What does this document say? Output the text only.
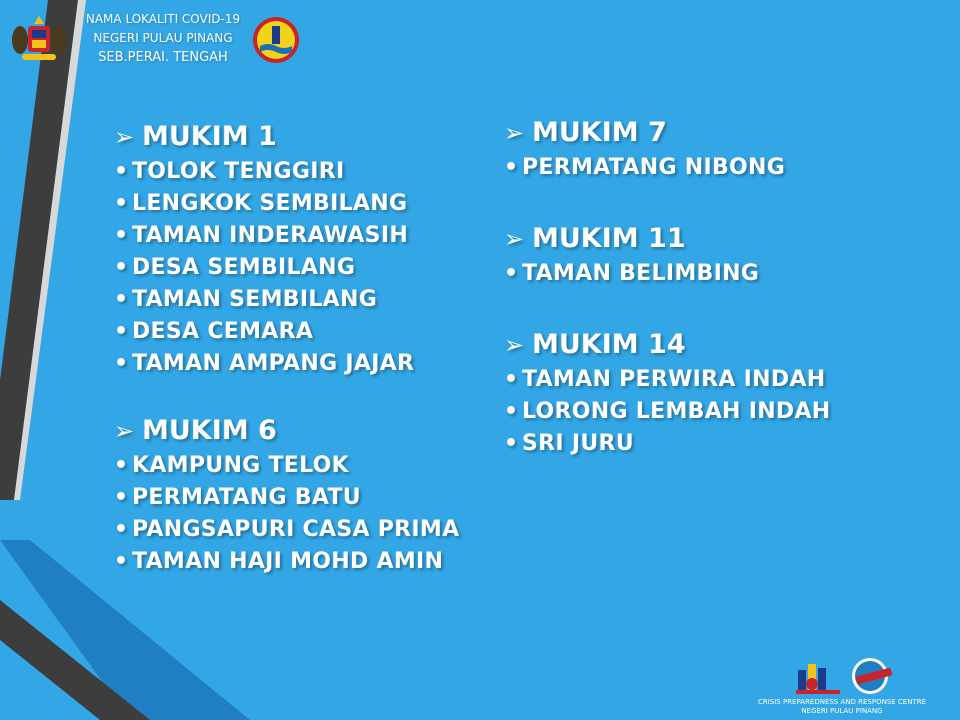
NAMA LOKALITI COVID-19
NEGERI PULAU PINANG
SEB.PERAI. TENGAH
➢ MUKIM 1
• TOLOK TENGGIRI
• LENGKOK SEMBILANG
• TAMAN INDERAWASIH
• DESA SEMBILANG
• TAMAN SEMBILANG
• DESA CEMARA
• TAMAN AMPANG JAJAR
➢ MUKIM 6
• KAMPUNG TELOK
• PERMATANG BATU
• PANGSAPURI CASA PRIMA
• TAMAN HAJI MOHD AMIN
➢ MUKIM 7
• PERMATANG NIBONG
➢ MUKIM 11
• TAMAN BELIMBING
➢ MUKIM 14
• TAMAN PERWIRA INDAH
• LORONG LEMBAH INDAH
• SRI JURU
CRISIS PREPAREDNESS AND RESPONSE CENTRE
NEGERI PULAU PINANG
